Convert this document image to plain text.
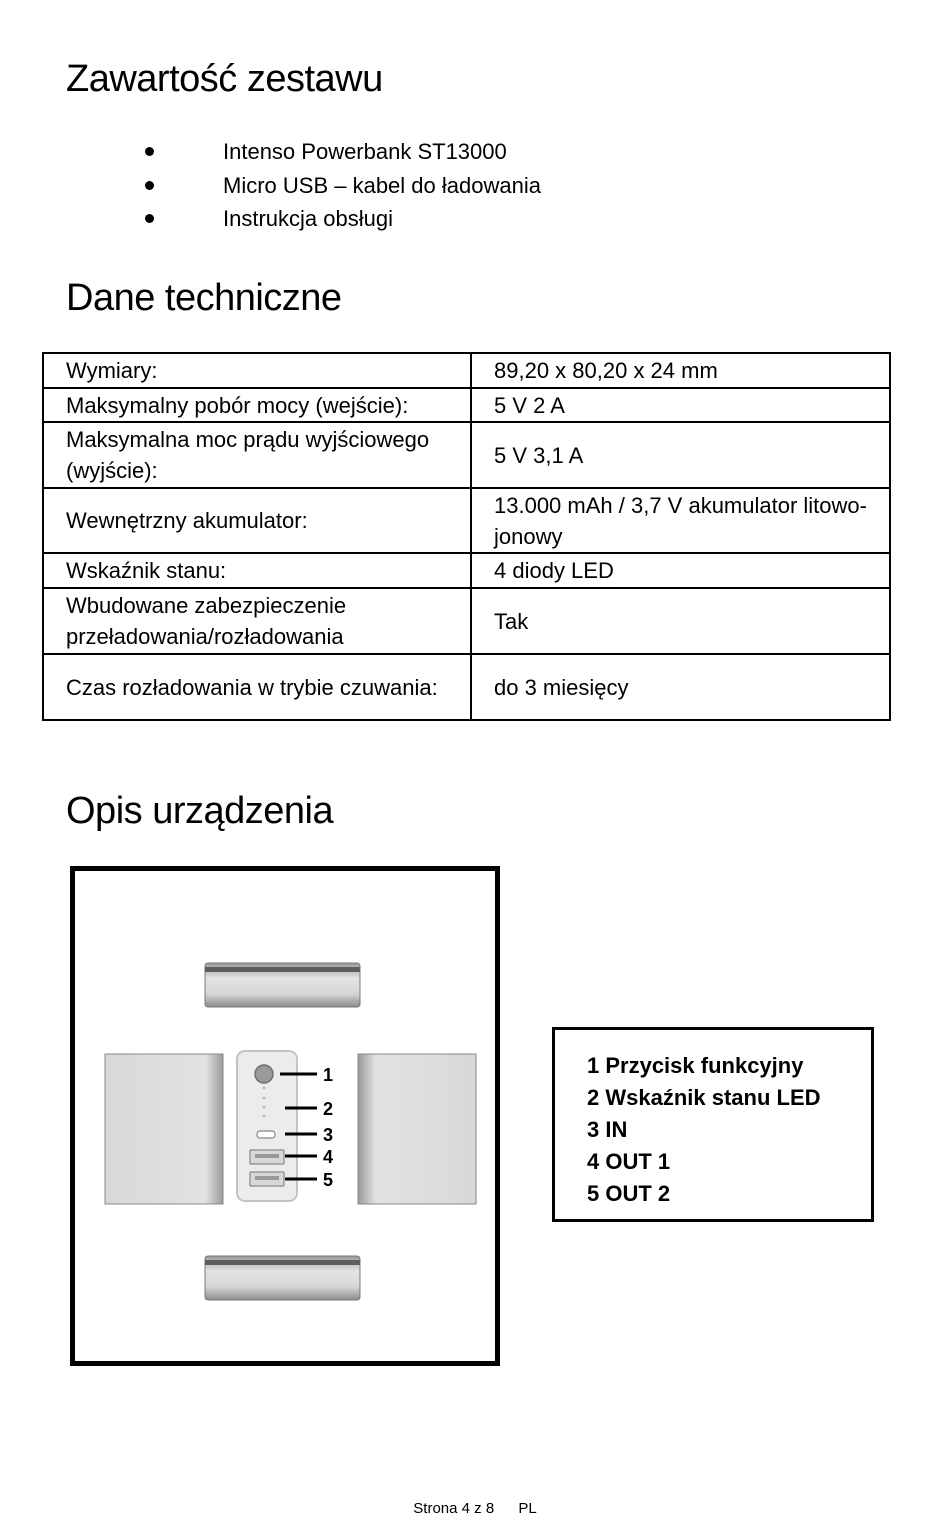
Zawartość zestawu
Intenso Powerbank ST13000
Micro USB – kabel do ładowania
Instrukcja obsługi
Dane techniczne
Wymiary:	89,20 x 80,20 x 24 mm
Maksymalny pobór mocy (wejście):	5 V 2 A
Maksymalna moc prądu wyjściowego (wyjście):	5 V 3,1 A
Wewnętrzny akumulator:	13.000 mAh / 3,7 V akumulator litowo-jonowy
Wskaźnik stanu:	4 diody LED
Wbudowane zabezpieczenie przeładowania/rozładowania	Tak
Czas rozładowania w trybie czuwania:	do 3 miesięcy
Opis urządzenia
1
2
3
4
5
1 Przycisk funkcyjny
2 Wskaźnik stanu LED
3 IN
4 OUT 1
5 OUT 2
Strona 4 z 8 PL
